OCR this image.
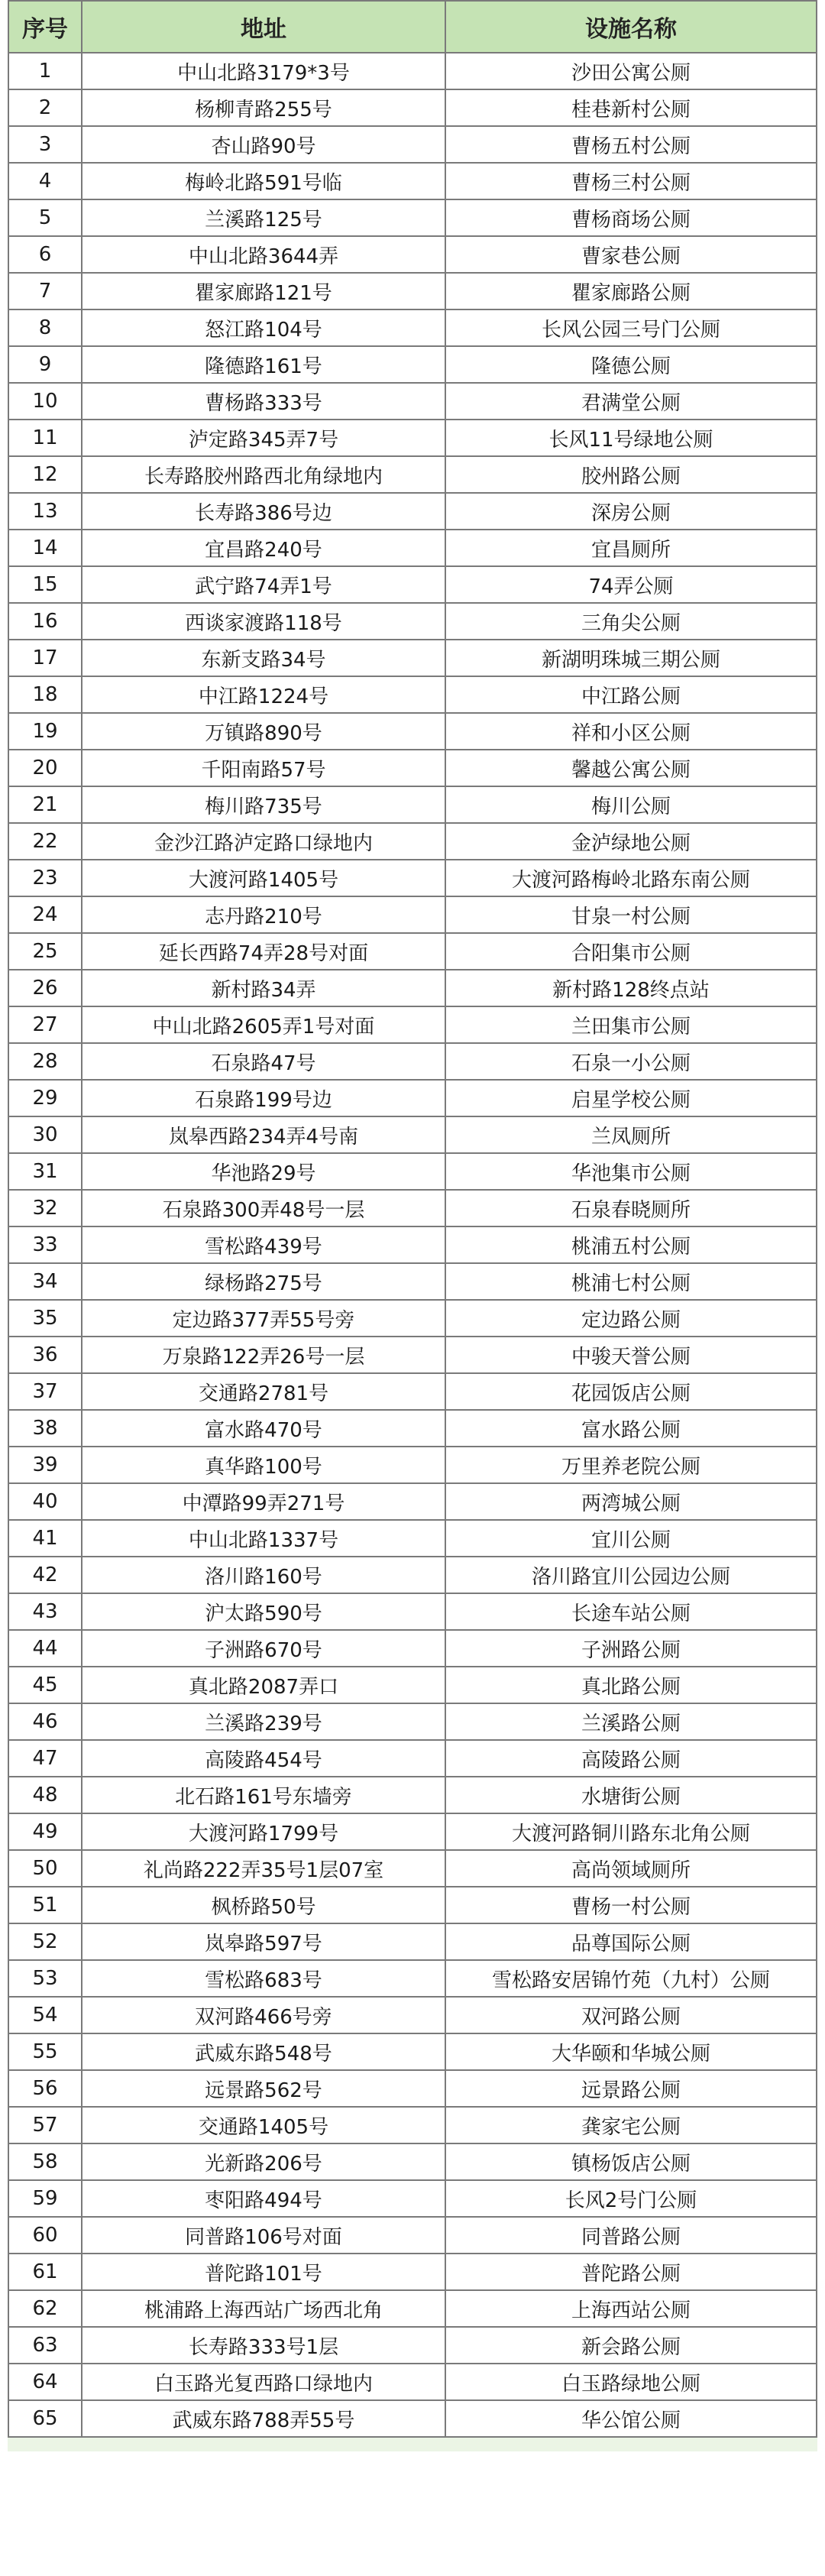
序号	地址	设施名称
1	中山北路3179*3号	沙田公寓公厕
2	杨柳青路255号	桂巷新村公厕
3	杏山路90号	曹杨五村公厕
4	梅岭北路591号临	曹杨三村公厕
5	兰溪路125号	曹杨商场公厕
6	中山北路3644弄	曹家巷公厕
7	瞿家廊路121号	瞿家廊路公厕
8	怒江路104号	长风公园三号门公厕
9	隆德路161号	隆德公厕
10	曹杨路333号	君满堂公厕
11	泸定路345弄7号	长风11号绿地公厕
12	长寿路胶州路西北角绿地内	胶州路公厕
13	长寿路386号边	深房公厕
14	宜昌路240号	宜昌厕所
15	武宁路74弄1号	74弄公厕
16	西谈家渡路118号	三角尖公厕
17	东新支路34号	新湖明珠城三期公厕
18	中江路1224号	中江路公厕
19	万镇路890号	祥和小区公厕
20	千阳南路57号	馨越公寓公厕
21	梅川路735号	梅川公厕
22	金沙江路泸定路口绿地内	金泸绿地公厕
23	大渡河路1405号	大渡河路梅岭北路东南公厕
24	志丹路210号	甘泉一村公厕
25	延长西路74弄28号对面	合阳集市公厕
26	新村路34弄	新村路128终点站
27	中山北路2605弄1号对面	兰田集市公厕
28	石泉路47号	石泉一小公厕
29	石泉路199号边	启星学校公厕
30	岚皋西路234弄4号南	兰凤厕所
31	华池路29号	华池集市公厕
32	石泉路300弄48号一层	石泉春晓厕所
33	雪松路439号	桃浦五村公厕
34	绿杨路275号	桃浦七村公厕
35	定边路377弄55号旁	定边路公厕
36	万泉路122弄26号一层	中骏天誉公厕
37	交通路2781号	花园饭店公厕
38	富水路470号	富水路公厕
39	真华路100号	万里养老院公厕
40	中潭路99弄271号	两湾城公厕
41	中山北路1337号	宜川公厕
42	洛川路160号	洛川路宜川公园边公厕
43	沪太路590号	长途车站公厕
44	子洲路670号	子洲路公厕
45	真北路2087弄口	真北路公厕
46	兰溪路239号	兰溪路公厕
47	高陵路454号	高陵路公厕
48	北石路161号东墙旁	水塘街公厕
49	大渡河路1799号	大渡河路铜川路东北角公厕
50	礼尚路222弄35号1层07室	高尚领域厕所
51	枫桥路50号	曹杨一村公厕
52	岚皋路597号	品尊国际公厕
53	雪松路683号	雪松路安居锦竹苑（九村）公厕
54	双河路466号旁	双河路公厕
55	武威东路548号	大华颐和华城公厕
56	远景路562号	远景路公厕
57	交通路1405号	龚家宅公厕
58	光新路206号	镇杨饭店公厕
59	枣阳路494号	长风2号门公厕
60	同普路106号对面	同普路公厕
61	普陀路101号	普陀路公厕
62	桃浦路上海西站广场西北角	上海西站公厕
63	长寿路333号1层	新会路公厕
64	白玉路光复西路口绿地内	白玉路绿地公厕
65	武威东路788弄55号	华公馆公厕
